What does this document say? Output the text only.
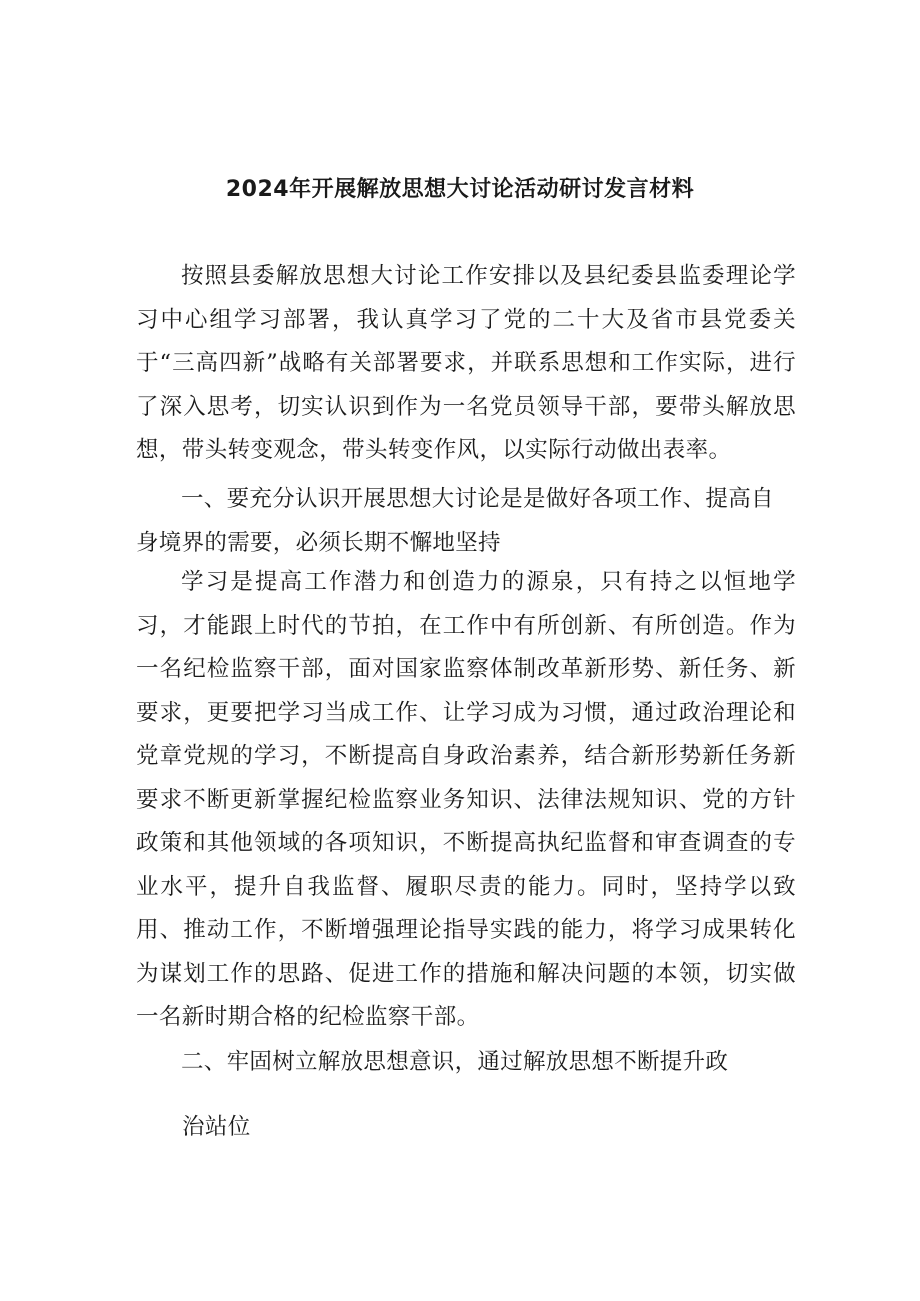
2024年开展解放思想大讨论活动研讨发言材料

按照县委解放思想大讨论工作安排以及县纪委县监委理论学习中心组学习部署，我认真学习了党的二十大及省市县党委关于“三高四新”战略有关部署要求，并联系思想和工作实际，进行了深入思考，切实认识到作为一名党员领导干部，要带头解放思想，带头转变观念，带头转变作风，以实际行动做出表率。

一、要充分认识开展思想大讨论是是做好各项工作、提高自身境界的需要，必须长期不懈地坚持

学习是提高工作潜力和创造力的源泉，只有持之以恒地学习，才能跟上时代的节拍，在工作中有所创新、有所创造。作为一名纪检监察干部，面对国家监察体制改革新形势、新任务、新要求，更要把学习当成工作、让学习成为习惯，通过政治理论和党章党规的学习，不断提高自身政治素养，结合新形势新任务新要求不断更新掌握纪检监察业务知识、法律法规知识、党的方针政策和其他领域的各项知识，不断提高执纪监督和审查调查的专业水平，提升自我监督、履职尽责的能力。同时，坚持学以致用、推动工作，不断增强理论指导实践的能力，将学习成果转化为谋划工作的思路、促进工作的措施和解决问题的本领，切实做一名新时期合格的纪检监察干部。

二、牢固树立解放思想意识，通过解放思想不断提升政

治站位
